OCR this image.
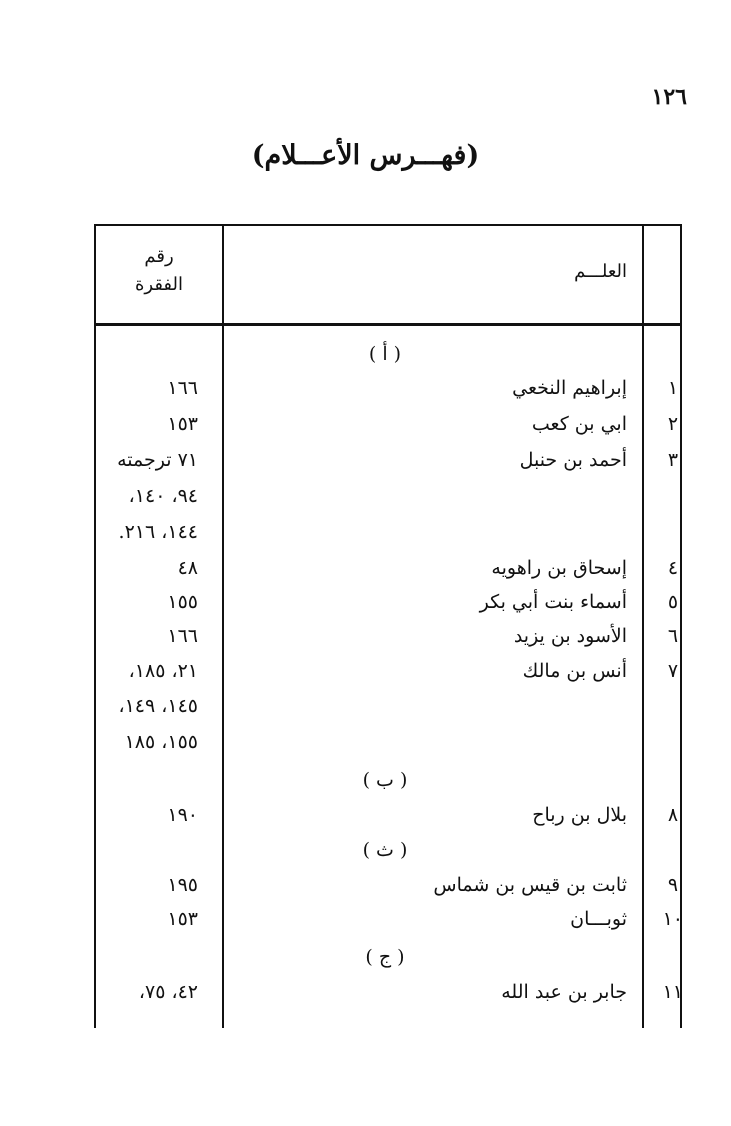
١٢٦
(فهـــرس الأعـــلام)
العلـــم
رقم
الفقرة
( أ )
( ب )
( ث )
( ج )
١
إبراهيم النخعي
١٦٦
٢
ابي بن كعب
١٥٣
٣
أحمد بن حنبل
٧١ ترجمته
٩٤، ١٤٠،
١٤٤، ٢١٦.
٤
إسحاق بن راهويه
٤٨
٥
أسماء بنت أبي بكر
١٥٥
٦
الأسود بن يزيد
١٦٦
٧
أنس بن مالك
٢١، ١٨٥،
١٤٥، ١٤٩،
١٥٥، ١٨٥
٨
بلال بن رباح
١٩٠
٩
ثابت بن قيس بن شماس
١٩٥
١٠
ثوبـــان
١٥٣
١١
جابر بن عبد الله
٤٢، ٧٥،
